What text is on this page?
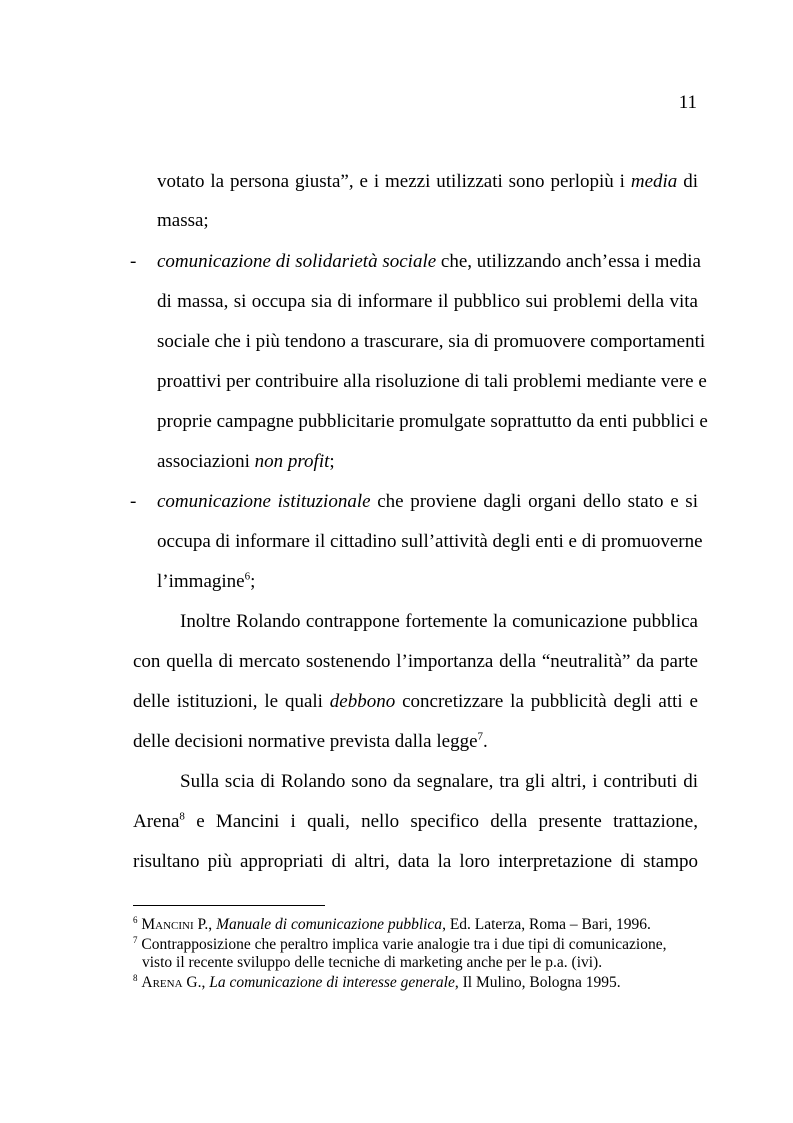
11
votato la persona giusta”, e i mezzi utilizzati sono perlopiù i media di
massa;
- comunicazione di solidarietà sociale che, utilizzando anch’essa i media
di massa, si occupa sia di informare il pubblico sui problemi della vita
sociale che i più tendono a trascurare, sia di promuovere comportamenti
proattivi per contribuire alla risoluzione di tali problemi mediante vere e
proprie campagne pubblicitarie promulgate soprattutto da enti pubblici e
associazioni non profit;
- comunicazione istituzionale che proviene dagli organi dello stato e si
occupa di informare il cittadino sull’attività degli enti e di promuoverne
l’immagine$^6$;
Inoltre Rolando contrappone fortemente la comunicazione pubblica
con quella di mercato sostenendo l’importanza della “neutralità” da parte
delle istituzioni, le quali debbono concretizzare la pubblicità degli atti e
delle decisioni normative prevista dalla legge$^7$.
Sulla scia di Rolando sono da segnalare, tra gli altri, i contributi di
Arena$^8$ e Mancini i quali, nello specifico della presente trattazione,
risultano più appropriati di altri, data la loro interpretazione di stampo
$^6$ Mancini P., Manuale di comunicazione pubblica, Ed. Laterza, Roma – Bari, 1996.
$^7$ Contrapposizione che peraltro implica varie analogie tra i due tipi di comunicazione,
visto il recente sviluppo delle tecniche di marketing anche per le p.a. (ivi).
$^8$ Arena G., La comunicazione di interesse generale, Il Mulino, Bologna 1995.
